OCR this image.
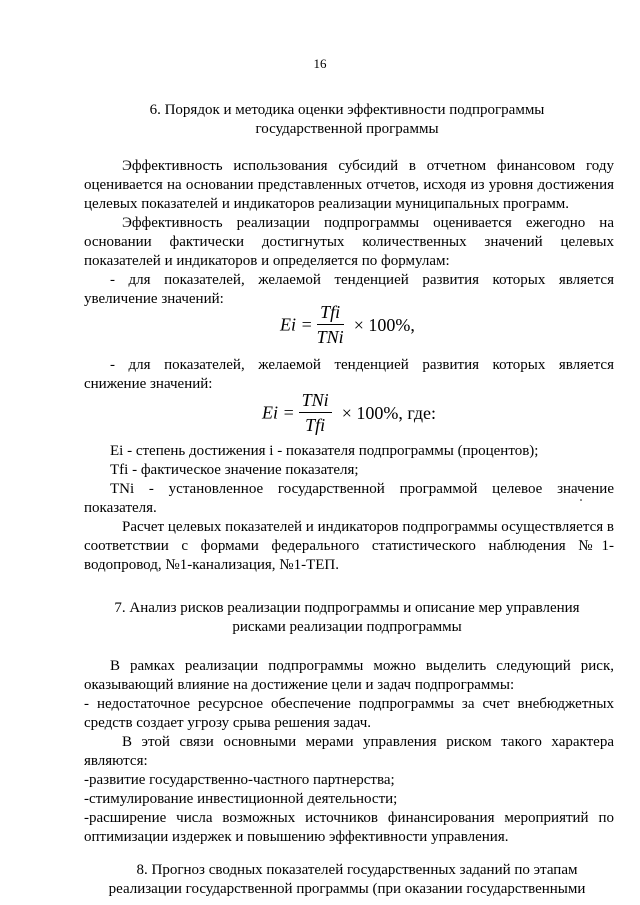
16
6. Порядок и методика оценки эффективности подпрограммы
государственной программы
Эффективность использования субсидий в отчетном финансовом году
оценивается на основании представленных отчетов, исходя из уровня достижения
целевых показателей и индикаторов реализации муниципальных программ.
Эффективность реализации подпрограммы оценивается ежегодно на
основании фактически достигнутых количественных значений целевых
показателей и индикаторов и определяется по формулам:
- для показателей, желаемой тенденцией развития которых является
увеличение значений:
$Ei = \frac{\text{Tfi}}{\text{TNi}} \times 100\%$,
- для показателей, желаемой тенденцией развития которых является
снижение значений:
$Ei = \frac{\text{TNi}}{\text{Tfi}} \times 100\%$, где:
Ei - степень достижения i - показателя подпрограммы (процентов);
Tfi - фактическое значение показателя;
TNi - установленное государственной программой целевое значение
показателя.
Расчет целевых показателей и индикаторов подпрограммы осуществляется в
соответствии с формами федерального статистического наблюдения №1-
водопровод, №1-канализация, №1-ТЕП.
7. Анализ рисков реализации подпрограммы и описание мер управления
рисками реализации подпрограммы
В рамках реализации подпрограммы можно выделить следующий риск,
оказывающий влияние на достижение цели и задач подпрограммы:
- недостаточное ресурсное обеспечение подпрограммы за счет внебюджетных
средств создает угрозу срыва решения задач.
В этой связи основными мерами управления риском такого характера
являются:
-развитие государственно-частного партнерства;
-стимулирование инвестиционной деятельности;
-расширение числа возможных источников финансирования мероприятий по
оптимизации издержек и повышению эффективности управления.
8. Прогноз сводных показателей государственных заданий по этапам
реализации государственной программы (при оказании государственными
